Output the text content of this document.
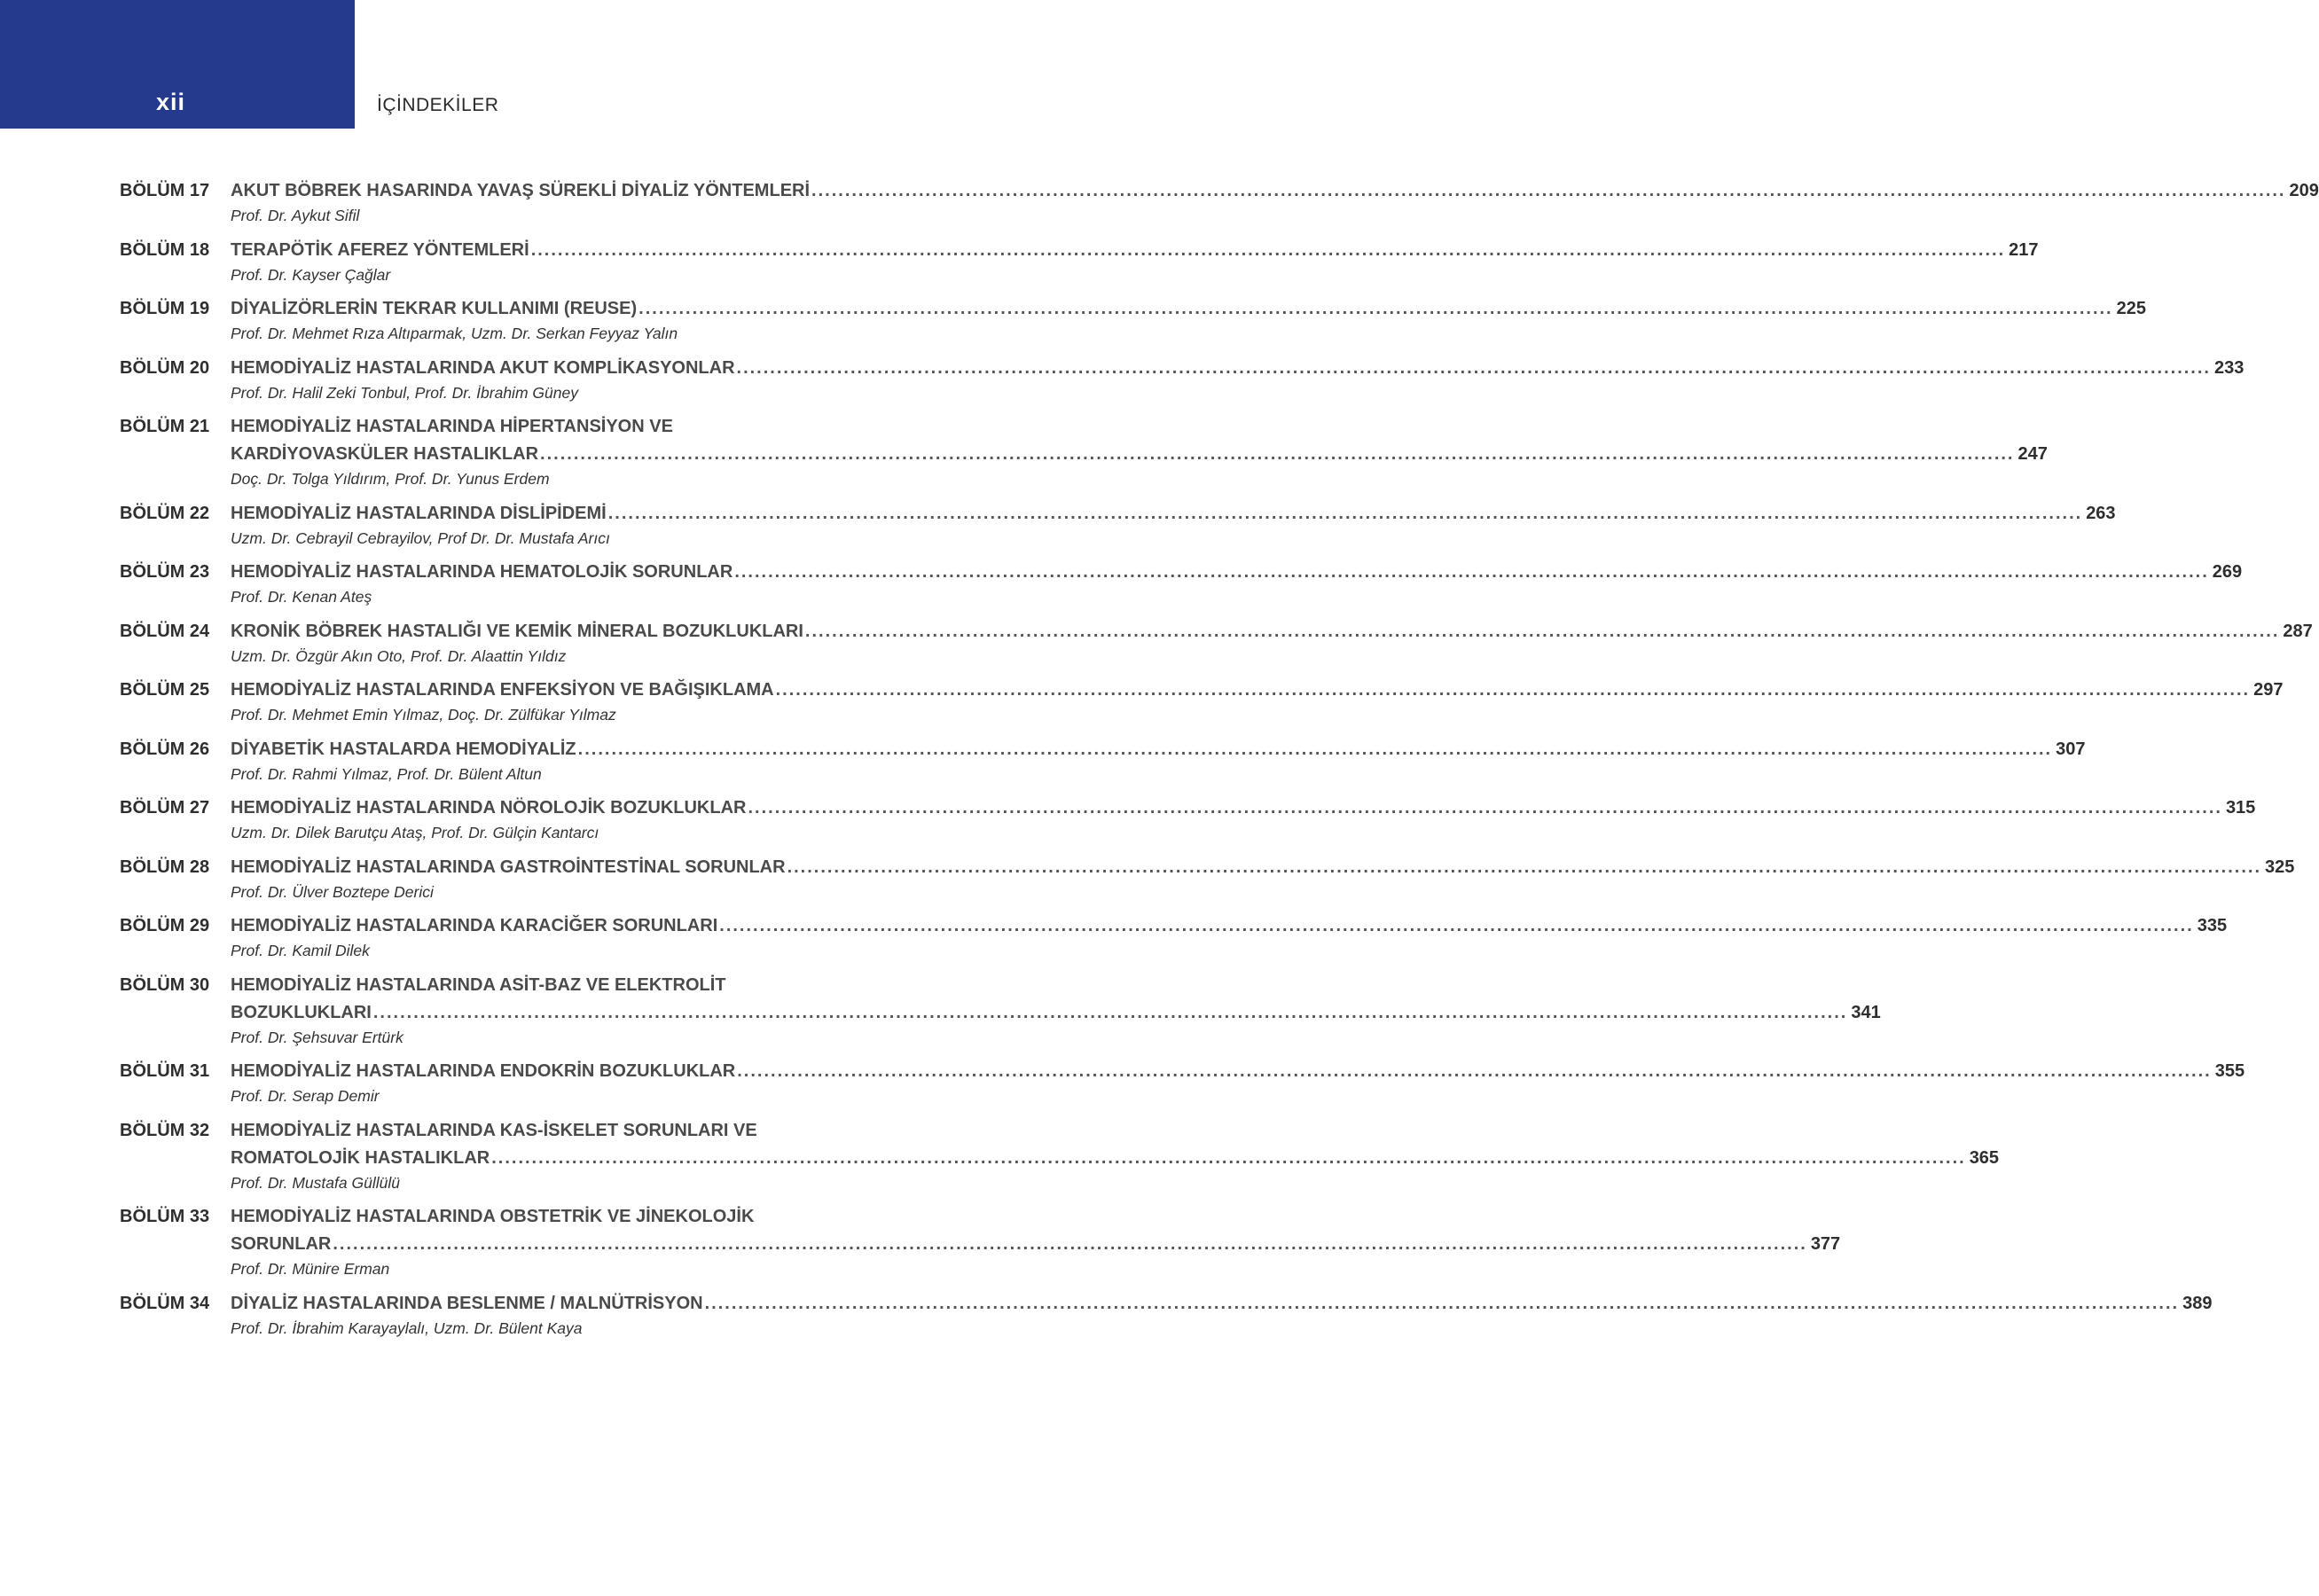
xii	İÇİNDEKİLER
BÖLÜM 17	AKUT BÖBREK HASARINDA YAVAŞ SÜREKLİ DİYALİZ YÖNTEMLERİ ............................................................................................................................................................................................................................ 209
Prof. Dr. Aykut Sifil
BÖLÜM 18	TERAPÖTİK AFEREZ YÖNTEMLERİ ............................................................................................................................................................................................................................ 217
Prof. Dr. Kayser Çağlar
BÖLÜM 19	DİYALİZÖRLERİN TEKRAR KULLANIMI (REUSE) ............................................................................................................................................................................................................................ 225
Prof. Dr. Mehmet Rıza Altıparmak, Uzm. Dr. Serkan Feyyaz Yalın
BÖLÜM 20	HEMODİYALİZ HASTALARINDA AKUT KOMPLİKASYONLAR ............................................................................................................................................................................................................................ 233
Prof. Dr. Halil Zeki Tonbul, Prof. Dr. İbrahim Güney
BÖLÜM 21	HEMODİYALİZ HASTALARINDA HİPERTANSİYON VE
KARDİYOVASKÜLER HASTALIKLAR ............................................................................................................................................................................................................................ 247
Doç. Dr. Tolga Yıldırım, Prof. Dr. Yunus Erdem
BÖLÜM 22	HEMODİYALİZ HASTALARINDA DİSLİPİDEMİ ............................................................................................................................................................................................................................ 263
Uzm. Dr. Cebrayil Cebrayilov, Prof Dr. Dr. Mustafa Arıcı
BÖLÜM 23	HEMODİYALİZ HASTALARINDA HEMATOLOJİK SORUNLAR ............................................................................................................................................................................................................................ 269
Prof. Dr. Kenan Ateş
BÖLÜM 24	KRONİK BÖBREK HASTALIĞI VE KEMİK MİNERAL BOZUKLUKLARI ............................................................................................................................................................................................................................ 287
Uzm. Dr. Özgür Akın Oto, Prof. Dr. Alaattin Yıldız
BÖLÜM 25	HEMODİYALİZ HASTALARINDA ENFEKSİYON VE BAĞIŞIKLAMA ............................................................................................................................................................................................................................ 297
Prof. Dr. Mehmet Emin Yılmaz, Doç. Dr. Zülfükar Yılmaz
BÖLÜM 26	DİYABETİK HASTALARDA HEMODİYALİZ ............................................................................................................................................................................................................................ 307
Prof. Dr. Rahmi Yılmaz, Prof. Dr. Bülent Altun
BÖLÜM 27	HEMODİYALİZ HASTALARINDA NÖROLOJİK BOZUKLUKLAR ............................................................................................................................................................................................................................ 315
Uzm. Dr. Dilek Barutçu Ataş, Prof. Dr. Gülçin Kantarcı
BÖLÜM 28	HEMODİYALİZ HASTALARINDA GASTROİNTESTİNAL SORUNLAR ............................................................................................................................................................................................................................ 325
Prof. Dr. Ülver Boztepe Derici
BÖLÜM 29	HEMODİYALİZ HASTALARINDA KARACİĞER SORUNLARI ............................................................................................................................................................................................................................ 335
Prof. Dr. Kamil Dilek
BÖLÜM 30	HEMODİYALİZ HASTALARINDA ASİT-BAZ VE ELEKTROLİT
BOZUKLUKLARI ............................................................................................................................................................................................................................ 341
Prof. Dr. Şehsuvar Ertürk
BÖLÜM 31	HEMODİYALİZ HASTALARINDA ENDOKRİN BOZUKLUKLAR ............................................................................................................................................................................................................................ 355
Prof. Dr. Serap Demir
BÖLÜM 32	HEMODİYALİZ HASTALARINDA KAS-İSKELET SORUNLARI VE
ROMATOLOJİK HASTALIKLAR ............................................................................................................................................................................................................................ 365
Prof. Dr. Mustafa Güllülü
BÖLÜM 33	HEMODİYALİZ HASTALARINDA OBSTETRİK VE JİNEKOLOJİK
SORUNLAR ............................................................................................................................................................................................................................ 377
Prof. Dr. Münire Erman
BÖLÜM 34	DİYALİZ HASTALARINDA BESLENME / MALNÜTRİSYON ............................................................................................................................................................................................................................ 389
Prof. Dr. İbrahim Karayaylalı, Uzm. Dr. Bülent Kaya
